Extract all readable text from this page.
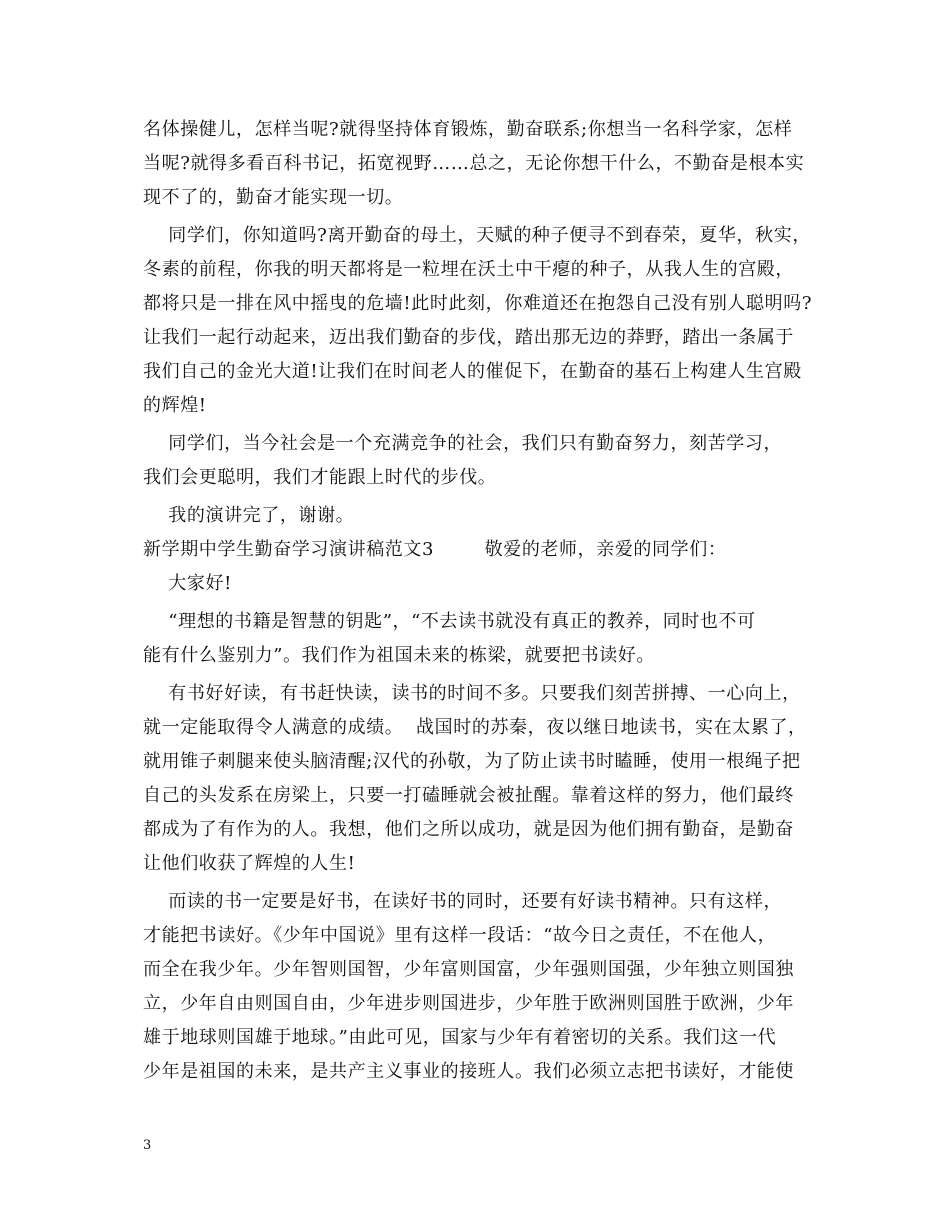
名体操健儿，怎样当呢?就得坚持体育锻炼，勤奋联系;你想当一名科学家，怎样
当呢?就得多看百科书记，拓宽视野……总之，无论你想干什么，不勤奋是根本实
现不了的，勤奋才能实现一切。
同学们，你知道吗?离开勤奋的母土，天赋的种子便寻不到春荣，夏华，秋实，
冬素的前程，你我的明天都将是一粒埋在沃土中干瘪的种子，从我人生的宫殿，
都将只是一排在风中摇曳的危墙!此时此刻，你难道还在抱怨自己没有别人聪明吗?
让我们一起行动起来，迈出我们勤奋的步伐，踏出那无边的莽野，踏出一条属于
我们自己的金光大道!让我们在时间老人的催促下，在勤奋的基石上构建人生宫殿
的辉煌!
同学们，当今社会是一个充满竞争的社会，我们只有勤奋努力，刻苦学习，
我们会更聪明，我们才能跟上时代的步伐。
我的演讲完了，谢谢。
新学期中学生勤奋学习演讲稿范文3        敬爱的老师，亲爱的同学们：
大家好!
“理想的书籍是智慧的钥匙”，“不去读书就没有真正的教养，同时也不可
能有什么鉴别力”。我们作为祖国未来的栋梁，就要把书读好。
有书好好读，有书赶快读，读书的时间不多。只要我们刻苦拼搏、一心向上，
就一定能取得令人满意的成绩。  战国时的苏秦，夜以继日地读书，实在太累了，
就用锥子刺腿来使头脑清醒;汉代的孙敬，为了防止读书时瞌睡，使用一根绳子把
自己的头发系在房梁上，只要一打磕睡就会被扯醒。靠着这样的努力，他们最终
都成为了有作为的人。我想，他们之所以成功，就是因为他们拥有勤奋，是勤奋
让他们收获了辉煌的人生!
而读的书一定要是好书，在读好书的同时，还要有好读书精神。只有这样，
才能把书读好。《少年中国说》里有这样一段话：“故今日之责任，不在他人，
而全在我少年。少年智则国智，少年富则国富，少年强则国强，少年独立则国独
立，少年自由则国自由，少年进步则国进步，少年胜于欧洲则国胜于欧洲，少年
雄于地球则国雄于地球。”由此可见，国家与少年有着密切的关系。我们这一代
少年是祖国的未来，是共产主义事业的接班人。我们必须立志把书读好，才能使
3
